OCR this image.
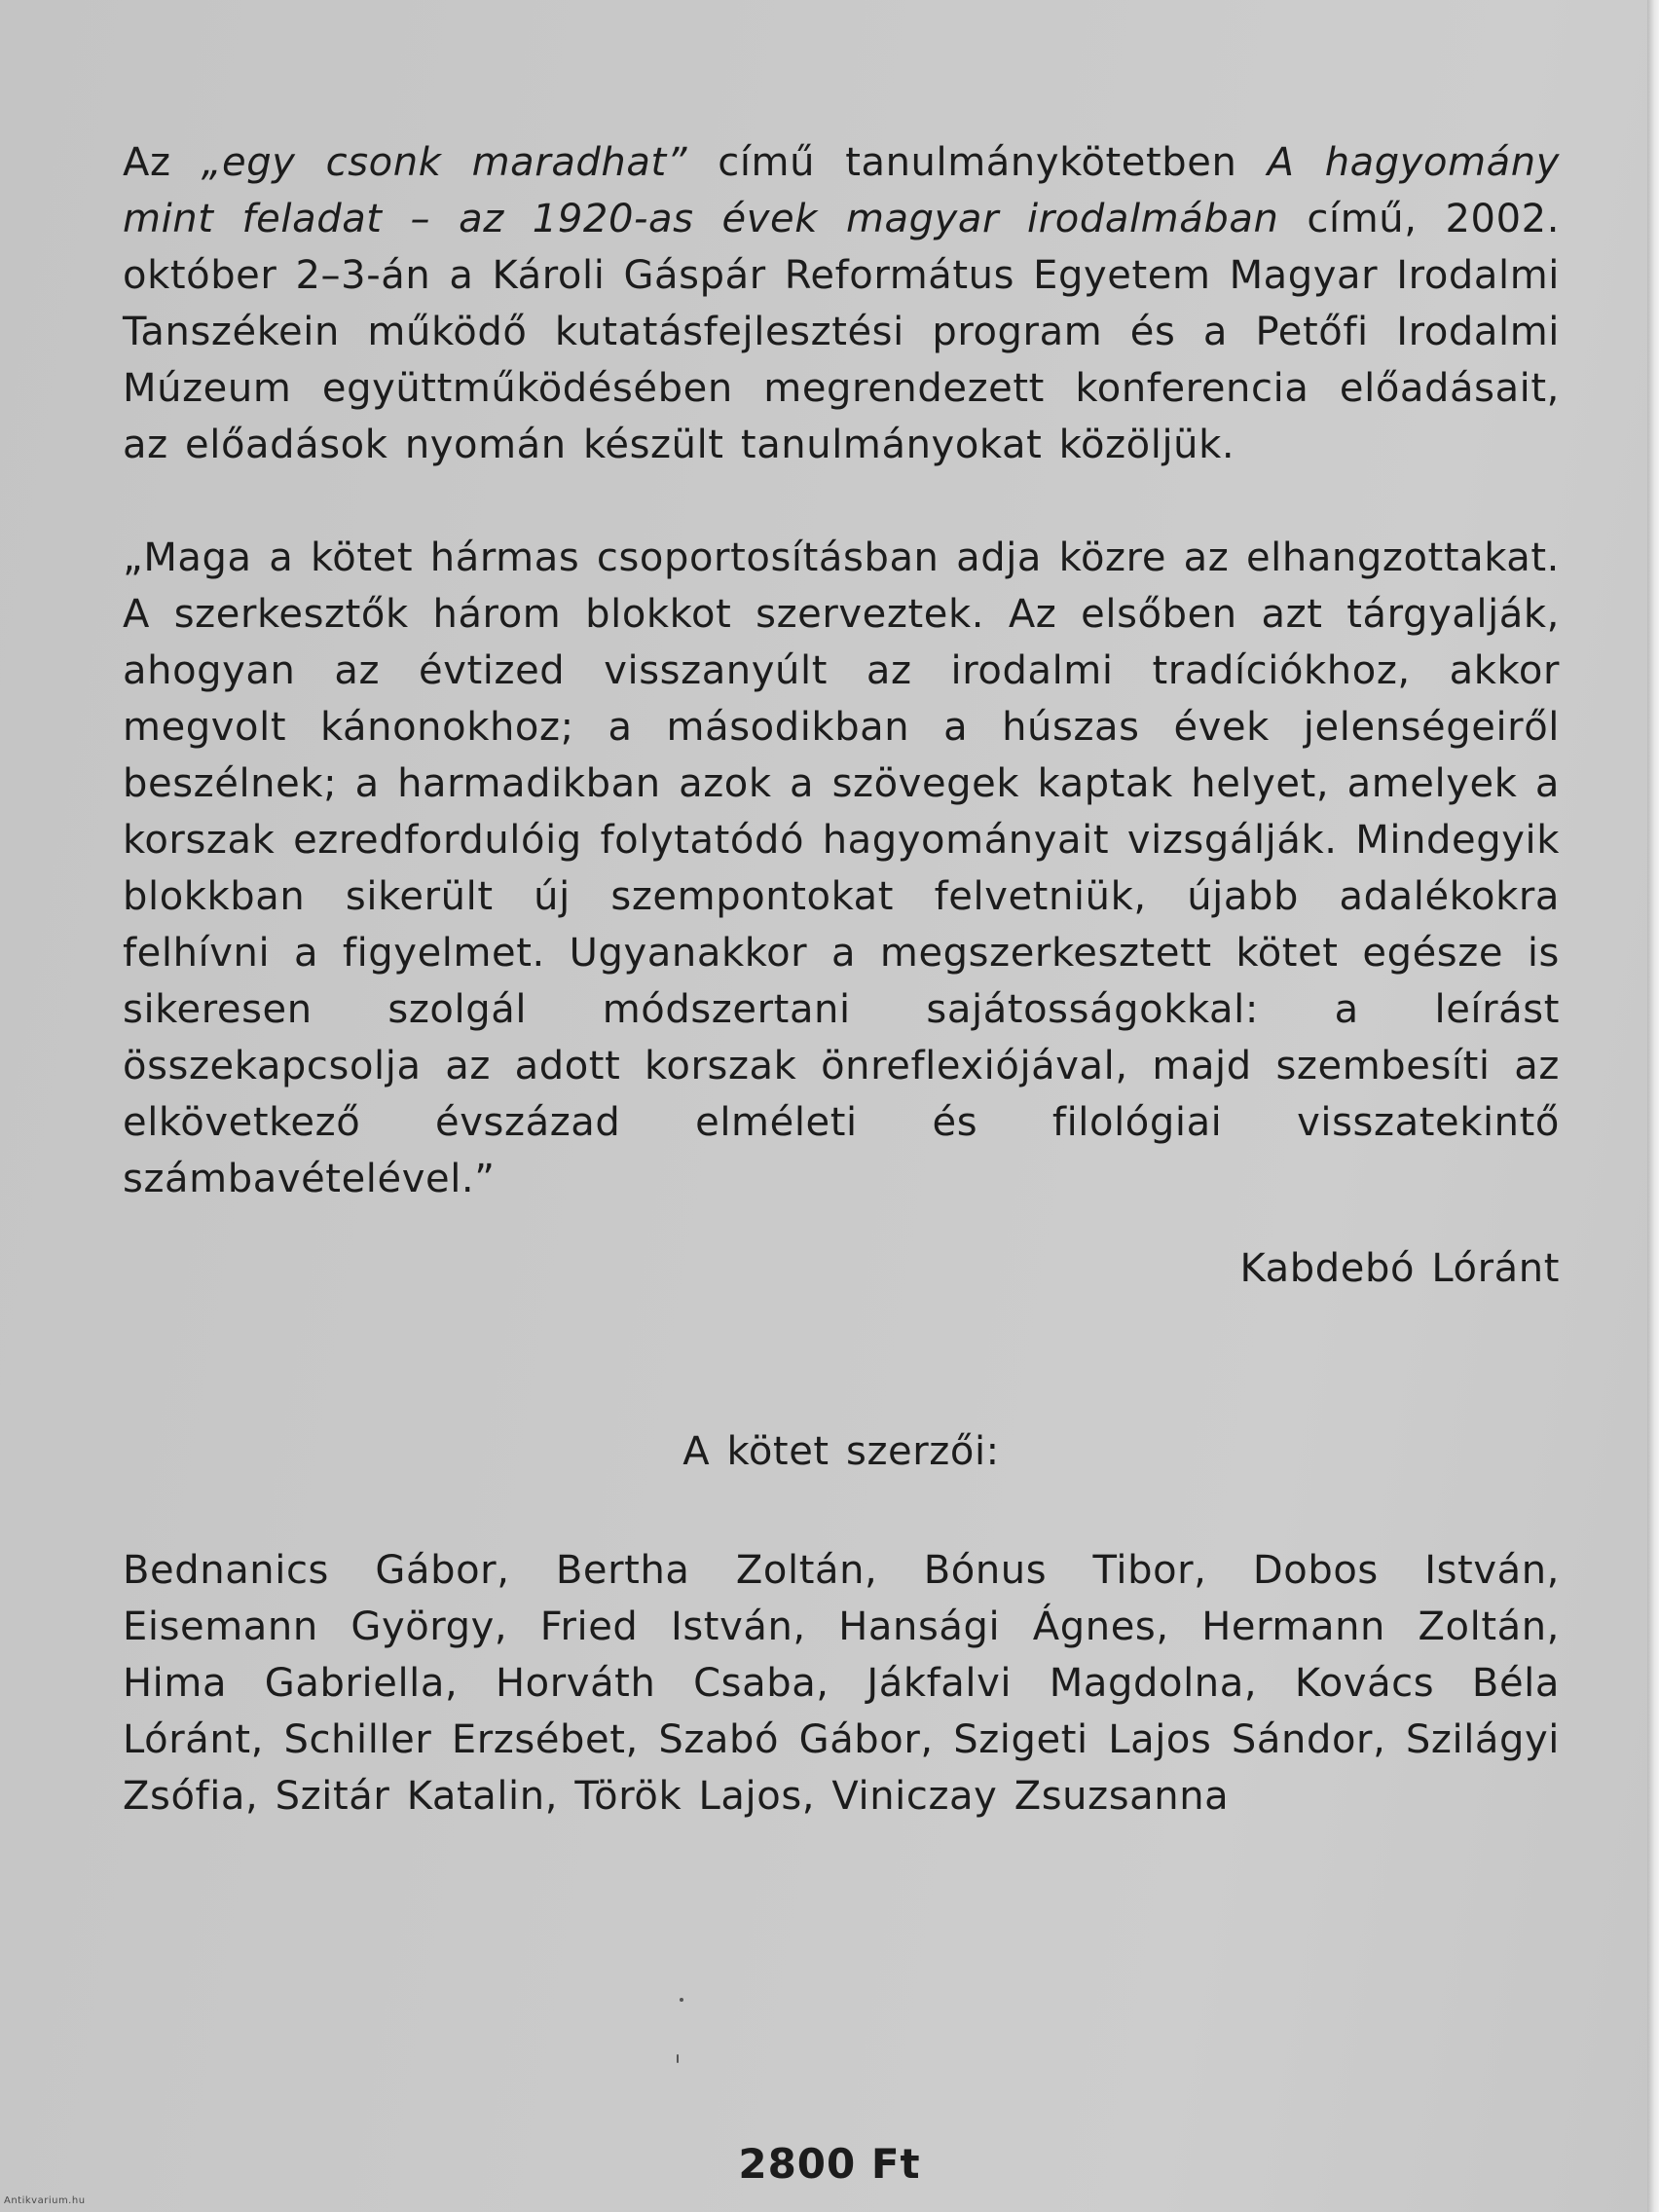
Az „egy csonk maradhat” című tanulmánykötetben A hagyomány mint feladat – az 1920-as évek magyar irodalmában című, 2002. október 2–3-án a Károli Gáspár Református Egyetem Magyar Irodalmi Tanszékein működő kutatásfejlesztési program és a Petőfi Irodalmi Múzeum együttműködésében megrendezett konferencia előadásait, az előadások nyomán készült tanulmányokat közöljük.

„Maga a kötet hármas csoportosításban adja közre az elhangzottakat. A szerkesztők három blokkot szerveztek. Az elsőben azt tárgyalják, ahogyan az évtized visszanyúlt az irodalmi tradíciókhoz, akkor megvolt kánonokhoz; a másodikban a húszas évek jelenségeiről beszélnek; a harmadikban azok a szövegek kaptak helyet, amelyek a korszak ezredfordulóig folytatódó hagyományait vizsgálják. Mindegyik blokkban sikerült új szempontokat felvetniük, újabb adalékokra felhívni a figyelmet. Ugyanakkor a megszerkesztett kötet egésze is sikeresen szolgál módszertani sajátosságokkal: a leírást összekapcsolja az adott korszak önreflexiójával, majd szembesíti az elkövetkező évszázad elméleti és filológiai visszatekintő számbavételével.”

Kabdebó Lóránt
A kötet szerzői:

Bednanics Gábor, Bertha Zoltán, Bónus Tibor, Dobos István, Eisemann György, Fried István, Hansági Ágnes, Hermann Zoltán, Hima Gabriella, Horváth Csaba, Jákfalvi Magdolna, Kovács Béla Lóránt, Schiller Erzsébet, Szabó Gábor, Szigeti Lajos Sándor, Szilágyi Zsófia, Szitár Katalin, Török Lajos, Viniczay Zsuzsanna

2800 Ft
Antikvarium.hu
